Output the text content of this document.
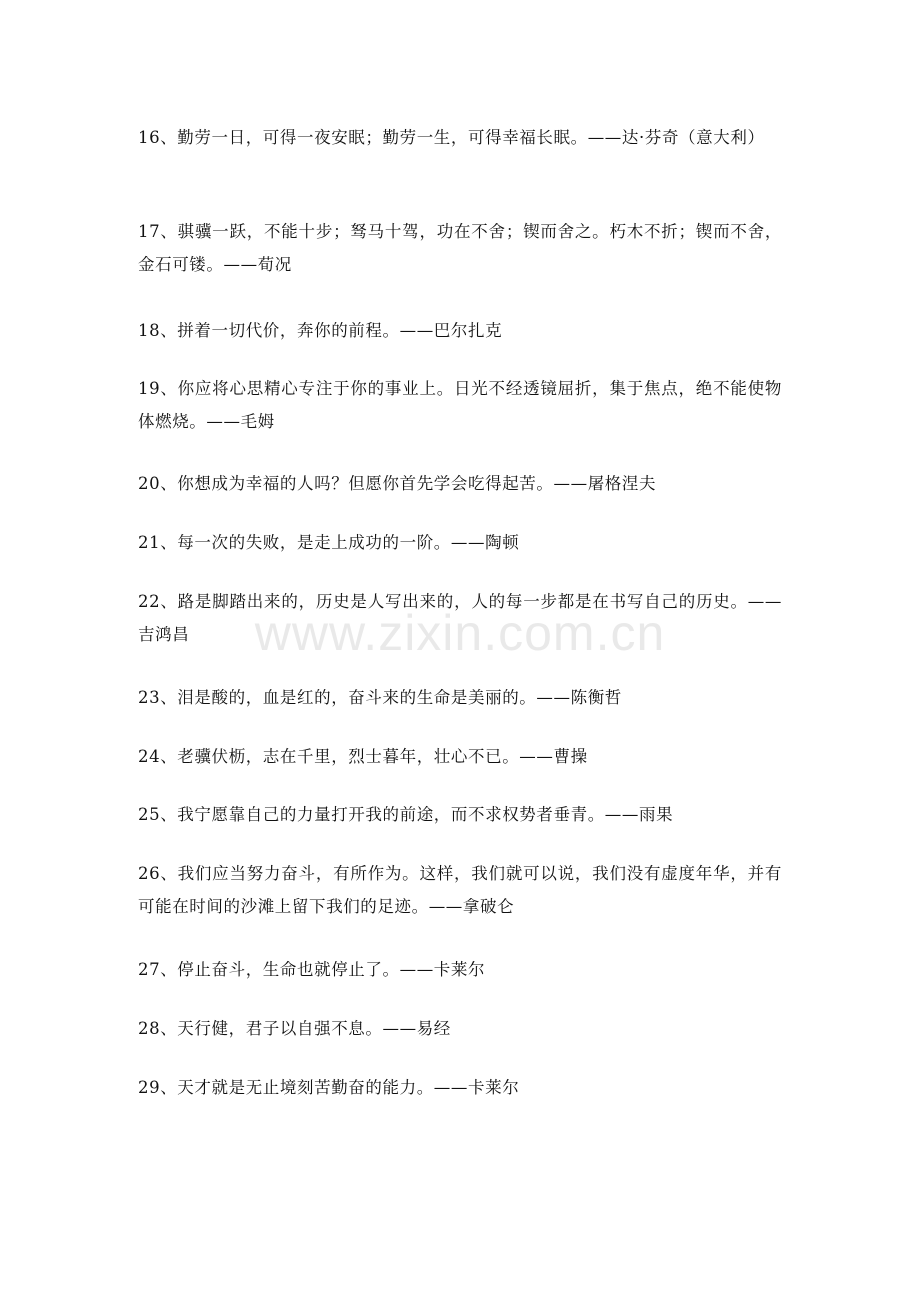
16、勤劳一日，可得一夜安眠；勤劳一生，可得幸福长眠。——达·芬奇（意大利）

17、骐骥一跃，不能十步；驽马十驾，功在不舍；锲而舍之。朽木不折；锲而不舍，金石可镂。——荀况

18、拼着一切代价，奔你的前程。——巴尔扎克

19、你应将心思精心专注于你的事业上。日光不经透镜屈折，集于焦点，绝不能使物体燃烧。——毛姆

20、你想成为幸福的人吗？但愿你首先学会吃得起苦。——屠格涅夫

21、每一次的失败，是走上成功的一阶。——陶顿

22、路是脚踏出来的，历史是人写出来的，人的每一步都是在书写自己的历史。——吉鸿昌

23、泪是酸的，血是红的，奋斗来的生命是美丽的。——陈衡哲

24、老骥伏枥，志在千里，烈士暮年，壮心不已。——曹操

25、我宁愿靠自己的力量打开我的前途，而不求权势者垂青。——雨果

26、我们应当努力奋斗，有所作为。这样，我们就可以说，我们没有虚度年华，并有可能在时间的沙滩上留下我们的足迹。——拿破仑

27、停止奋斗，生命也就停止了。——卡莱尔

28、天行健，君子以自强不息。——易经

29、天才就是无止境刻苦勤奋的能力。——卡莱尔

www.zixin.com.cn
